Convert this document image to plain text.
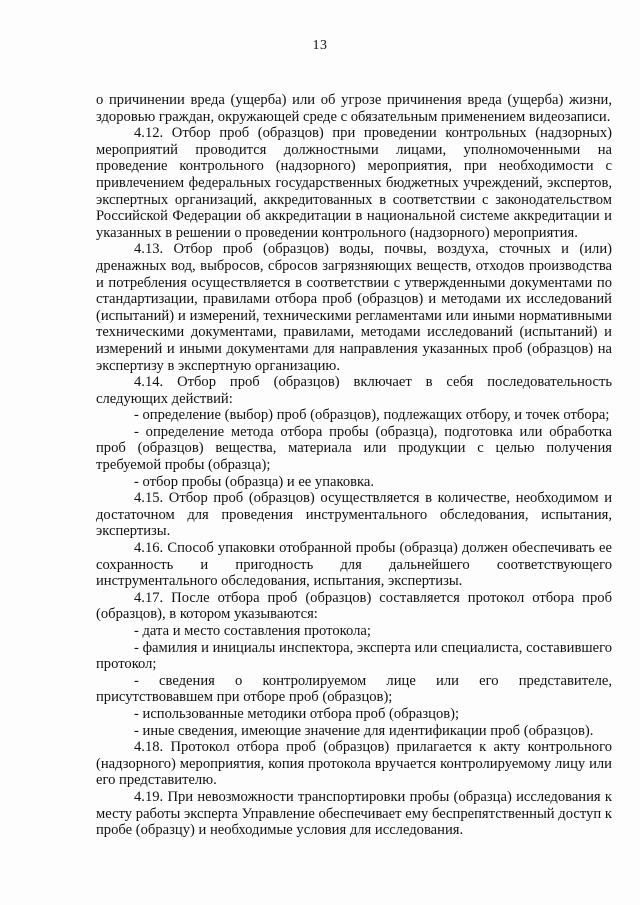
13

о причинении вреда (ущерба) или об угрозе причинения вреда (ущерба) жизни, здоровью граждан, окружающей среде с обязательным применением видеозаписи.

4.12. Отбор проб (образцов) при проведении контрольных (надзорных) мероприятий проводится должностными лицами, уполномоченными на проведение контрольного (надзорного) мероприятия, при необходимости с привлечением федеральных государственных бюджетных учреждений, экспертов, экспертных организаций, аккредитованных в соответствии с законодательством Российской Федерации об аккредитации в национальной системе аккредитации и указанных в решении о проведении контрольного (надзорного) мероприятия.

4.13. Отбор проб (образцов) воды, почвы, воздуха, сточных и (или) дренажных вод, выбросов, сбросов загрязняющих веществ, отходов производства и потребления осуществляется в соответствии с утвержденными документами по стандартизации, правилами отбора проб (образцов) и методами их исследований (испытаний) и измерений, техническими регламентами или иными нормативными техническими документами, правилами, методами исследований (испытаний) и измерений и иными документами для направления указанных проб (образцов) на экспертизу в экспертную организацию.

4.14. Отбор проб (образцов) включает в себя последовательность следующих действий:

- определение (выбор) проб (образцов), подлежащих отбору, и точек отбора;

- определение метода отбора пробы (образца), подготовка или обработка проб (образцов) вещества, материала или продукции с целью получения требуемой пробы (образца);

- отбор пробы (образца) и ее упаковка.

4.15. Отбор проб (образцов) осуществляется в количестве, необходимом и достаточном для проведения инструментального обследования, испытания, экспертизы.

4.16. Способ упаковки отобранной пробы (образца) должен обеспечивать ее сохранность и пригодность для дальнейшего соответствующего инструментального обследования, испытания, экспертизы.

4.17. После отбора проб (образцов) составляется протокол отбора проб (образцов), в котором указываются:

- дата и место составления протокола;

- фамилия и инициалы инспектора, эксперта или специалиста, составившего протокол;

- сведения о контролируемом лице или его представителе, присутствовавшем при отборе проб (образцов);

- использованные методики отбора проб (образцов);

- иные сведения, имеющие значение для идентификации проб (образцов).

4.18. Протокол отбора проб (образцов) прилагается к акту контрольного (надзорного) мероприятия, копия протокола вручается контролируемому лицу или его представителю.

4.19. При невозможности транспортировки пробы (образца) исследования к месту работы эксперта Управление обеспечивает ему беспрепятственный доступ к пробе (образцу) и необходимые условия для исследования.
